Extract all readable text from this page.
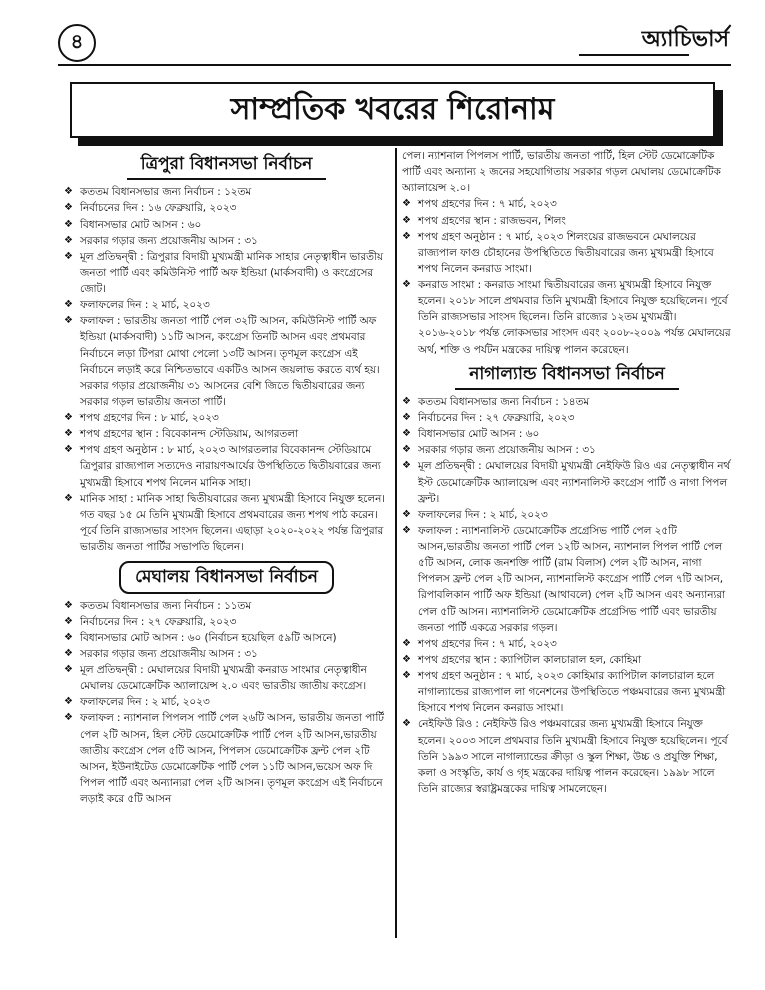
৪	অ্যাচিভার্স
সাম্প্রতিক খবরের শিরোনাম
ত্রিপুরা বিধানসভা নির্বাচন
❖ কততম বিধানসভার জন্য নির্বাচন : ১২তম
❖ নির্বাচনের দিন : ১৬ ফেব্রুয়ারি, ২০২৩
❖ বিধানসভার মোট আসন : ৬০
❖ সরকার গড়ার জন্য প্রয়োজনীয় আসন : ৩১
❖ মূল প্রতিদ্বন্দ্বী : ত্রিপুরার বিদায়ী মুখ্যমন্ত্রী মানিক সাহার নেতৃত্বাধীন ভারতীয় জনতা পার্টি এবং কমিউনিস্ট পার্টি অফ ইন্ডিয়া (মার্কসবাদী) ও কংগ্রেসের জোট।
❖ ফলাফলের দিন : ২ মার্চ, ২০২৩
❖ ফলাফল : ভারতীয় জনতা পার্টি পেল ৩২টি আসন, কমিউনিস্ট পার্টি অফ ইন্ডিয়া (মার্কসবাদী) ১১টি আসন, কংগ্রেস তিনটি আসন এবং প্রথমবার নির্বাচনে লড়া টিপরা মোথা পেলো ১৩টি আসন। তৃণমূল কংগ্রেস এই নির্বাচনে লড়াই করে নিশ্চিতভাবে একটিও আসন জয়লাভ করতে ব্যর্থ হয়। সরকার গড়ার প্রয়োজনীয় ৩১ আসনের বেশি জিতে দ্বিতীয়বারের জন্য সরকার গড়ল ভারতীয় জনতা পার্টি।
❖ শপথ গ্রহণের দিন : ৮ মার্চ, ২০২৩
❖ শপথ গ্রহণের স্থান : বিবেকানন্দ স্টেডিয়াম, আগরতলা
❖ শপথ গ্রহণ অনুষ্ঠান : ৮ মার্চ, ২০২৩ আগরতলার বিবেকানন্দ স্টেডিয়ামে ত্রিপুরার রাজ্যপাল সত্যদেও নারায়ণআর্যের উপস্থিতিতে দ্বিতীয়বারের জন্য মুখ্যমন্ত্রী হিসাবে শপথ নিলেন মানিক সাহা।
❖ মানিক সাহা : মানিক সাহা দ্বিতীয়বারের জন্য মুখ্যমন্ত্রী হিসাবে নিযুক্ত হলেন। গত বছর ১৫ মে তিনি মুখ্যমন্ত্রী হিসাবে প্রথমবারের জন্য শপথ পাঠ করেন। পূর্বে তিনি রাজ্যসভার সাংসদ ছিলেন। এছাড়া ২০২০-২০২২ পর্যন্ত ত্রিপুরার ভারতীয় জনতা পার্টির সভাপতি ছিলেন।
মেঘালয় বিধানসভা নির্বাচন
❖ কততম বিধানসভার জন্য নির্বাচন : ১১তম
❖ নির্বাচনের দিন : ২৭ ফেব্রুয়ারি, ২০২৩
❖ বিধানসভার মোট আসন : ৬০ (নির্বাচন হয়েছিল ৫৯টি আসনে)
❖ সরকার গড়ার জন্য প্রয়োজনীয় আসন : ৩১
❖ মূল প্রতিদ্বন্দ্বী : মেঘালয়ের বিদায়ী মুখ্যমন্ত্রী কনরাড সাংমার নেতৃত্বাধীন মেঘালয় ডেমোক্রেটিক অ্যালায়েন্স ২.০ এবং ভারতীয় জাতীয় কংগ্রেস।
❖ ফলাফলের দিন : ২ মার্চ, ২০২৩
❖ ফলাফল : ন্যাশনাল পিপলস পার্টি পেল ২৬টি আসন, ভারতীয় জনতা পার্টি পেল ২টি আসন, হিল স্টেট ডেমোক্রেটিক পার্টি পেল ২টি আসন,ভারতীয় জাতীয় কংগ্রেস পেল ৫টি আসন, পিপলস ডেমোক্রেটিক ফ্রন্ট পেল ২টি আসন, ইউনাইটেড ডেমোক্রেটিক পার্টি পেল ১১টি আসন,ভয়েস অফ দি পিপল পার্টি এবং অন্যান্যরা পেল ২টি আসন। তৃণমূল কংগ্রেস এই নির্বাচনে লড়াই করে ৫টি আসন
পেল। ন্যাশনাল পিপলস পার্টি, ভারতীয় জনতা পার্টি, হিল স্টেট ডেমোক্রেটিক পার্টি এবং অন্যান্য ২ জনের সহযোগিতায় সরকার গড়ল মেঘালয় ডেমোক্রেটিক অ্যালায়েন্স ২.০।
❖ শপথ গ্রহণের দিন : ৭ মার্চ, ২০২৩
❖ শপথ গ্রহণের স্থান : রাজভবন, শিলং
❖ শপথ গ্রহণ অনুষ্ঠান : ৭ মার্চ, ২০২৩ শিলংয়ের রাজভবনে মেঘালয়ের রাজ্যপাল ফাগু চৌহানের উপস্থিতিতে দ্বিতীয়বারের জন্য মুখ্যমন্ত্রী হিসাবে শপথ নিলেন কনরাড সাংমা।
❖ কনরাড সাংমা : কনরাড সাংমা দ্বিতীয়বারের জন্য মুখ্যমন্ত্রী হিসাবে নিযুক্ত হলেন। ২০১৮ সালে প্রথমবার তিনি মুখ্যমন্ত্রী হিসাবে নিযুক্ত হয়েছিলেন। পূর্বে তিনি রাজ্যসভার সাংসদ ছিলেন। তিনি রাজ্যের ১২তম মুখ্যমন্ত্রী। ২০১৬-২০১৮ পর্যন্ত লোকসভার সাংসদ এবং ২০০৮-২০০৯ পর্যন্ত মেঘালয়ের অর্থ, শক্তি ও পর্যটন মন্ত্রকের দায়িত্ব পালন করেছেন।
নাগাল্যান্ড বিধানসভা নির্বাচন
❖ কততম বিধানসভার জন্য নির্বাচন : ১৪তম
❖ নির্বাচনের দিন : ২৭ ফেব্রুয়ারি, ২০২৩
❖ বিধানসভার মোট আসন : ৬০
❖ সরকার গড়ার জন্য প্রয়োজনীয় আসন : ৩১
❖ মূল প্রতিদ্বন্দ্বী : মেঘালয়ের বিদায়ী মুখ্যমন্ত্রী নেইফিউ রিও এর নেতৃত্বাধীন নর্থ ইস্ট ডেমোক্রেটিক অ্যালায়েন্স এবং ন্যাশনালিস্ট কংগ্রেস পার্টি ও নাগা পিপল ফ্রন্ট।
❖ ফলাফলের দিন : ২ মার্চ, ২০২৩
❖ ফলাফল : ন্যাশনালিস্ট ডেমোক্রেটিক প্রগ্রেসিভ পার্টি পেল ২৫টি আসন,ভারতীয় জনতা পার্টি পেল ১২টি আসন, ন্যাশনাল পিপল পার্টি পেল ৫টি আসন, লোক জনশক্তি পার্টি (রাম বিলাস) পেল ২টি আসন, নাগা পিপলস ফ্রন্ট পেল ২টি আসন, ন্যাশনালিস্ট কংগ্রেস পার্টি পেল ৭টি আসন, রিপাবলিকান পার্টি অফ ইন্ডিয়া (আথাবলে) পেল ২টি আসন এবং অন্যান্যরা পেল ৫টি আসন। ন্যাশনালিস্ট ডেমোক্রেটিক প্রগ্রেসিভ পার্টি এবং ভারতীয় জনতা পার্টি একত্রে সরকার গড়ল।
❖ শপথ গ্রহণের দিন : ৭ মার্চ, ২০২৩
❖ শপথ গ্রহণের স্থান : ক্যাপিটাল কালচারাল হল, কোহিমা
❖ শপথ গ্রহণ অনুষ্ঠান : ৭ মার্চ, ২০২৩ কোহিমার ক্যাপিটাল কালচারাল হলে নাগাল্যান্ডের রাজ্যপাল লা গনেশনের উপস্থিতিতে পঞ্চমবারের জন্য মুখ্যমন্ত্রী হিসাবে শপথ নিলেন কনরাড সাংমা।
❖ নেইফিউ রিও : নেইফিউ রিও পঞ্চমবারের জন্য মুখ্যমন্ত্রী হিসাবে নিযুক্ত হলেন। ২০০৩ সালে প্রথমবার তিনি মুখ্যমন্ত্রী হিসাবে নিযুক্ত হয়েছিলেন। পূর্বে তিনি ১৯৯৩ সালে নাগাল্যান্ডের ক্রীড়া ও স্কুল শিক্ষা, উচ্চ ও প্রযুক্তি শিক্ষা, কলা ও সংস্কৃতি, কার্য ও গৃহ মন্ত্রকের দায়িত্ব পালন করেছেন। ১৯৯৮ সালে তিনি রাজ্যের স্বরাষ্ট্রমন্ত্রকের দায়িত্ব সামলেছেন।
